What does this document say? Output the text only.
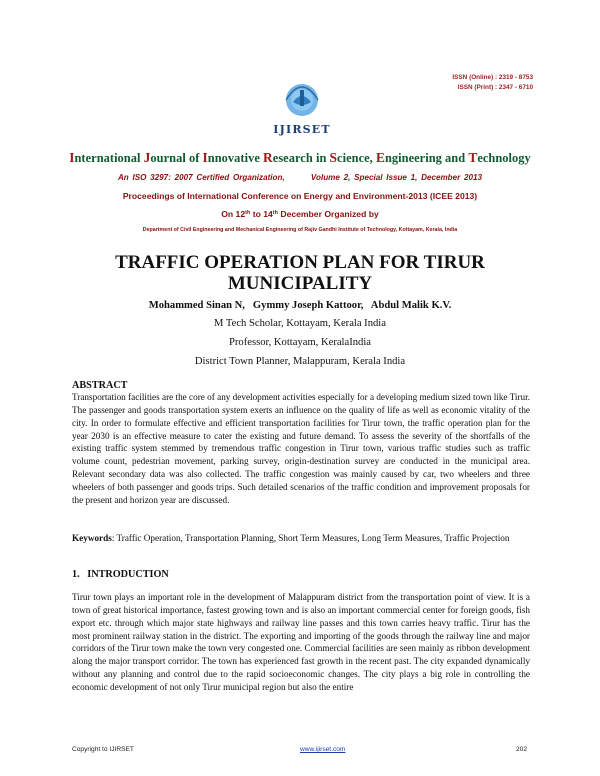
ISSN (Online) : 2319 - 8753
ISSN (Print) : 2347 - 6710
IJIRSET
International Journal of Innovative Research in Science, Engineering and Technology
An ISO 3297: 2007 Certified Organization,       Volume 2, Special Issue 1, December 2013
Proceedings of International Conference on Energy and Environment-2013 (ICEE 2013)
On 12th to 14th December Organized by
Department of Civil Engineering and Mechanical Engineering of Rajiv Gandhi Institute of Technology, Kottayam, Kerala, India
TRAFFIC OPERATION PLAN FOR TIRUR
MUNICIPALITY
Mohammed Sinan N,   Gymmy Joseph Kattoor,   Abdul Malik K.V.
M Tech Scholar, Kottayam, Kerala India
Professor, Kottayam, KeralaIndia
District Town Planner, Malappuram, Kerala India
ABSTRACT
Transportation facilities are the core of any development activities especially for a developing medium sized town like Tirur. The passenger and goods transportation system exerts an influence on the quality of life as well as economic vitality of the city. In order to formulate effective and efficient transportation facilities for Tirur town, the traffic operation plan for the year 2030 is an effective measure to cater the existing and future demand. To assess the severity of the shortfalls of the existing traffic system stemmed by tremendous traffic congestion in Tirur town, various traffic studies such as traffic volume count, pedestrian movement, parking survey, origin-destination survey are conducted in the municipal area. Relevant secondary data was also collected. The traffic congestion was mainly caused by car, two wheelers and three wheelers of both passenger and goods trips. Such detailed scenarios of the traffic condition and improvement proposals for the present and horizon year are discussed.
Keywords: Traffic Operation, Transportation Planning, Short Term Measures, Long Term Measures, Traffic Projection
1.   INTRODUCTION
Tirur town plays an important role in the development of Malappuram district from the transportation point of view. It is a town of great historical importance, fastest growing town and is also an important commercial center for foreign goods, fish export etc. through which major state highways and railway line passes and this town carries heavy traffic. Tirur has the most prominent railway station in the district. The exporting and importing of the goods through the railway line and major corridors of the Tirur town make the town very congested one. Commercial facilities are seen mainly as ribbon development along the major transport corridor. The town has experienced fast growth in the recent past. The city expanded dynamically without any planning and control due to the rapid socioeconomic changes. The city plays a big role in controlling the economic development of not only Tirur municipal region but also the entire
Copyright to IJIRSET	www.ijirset.com	202
